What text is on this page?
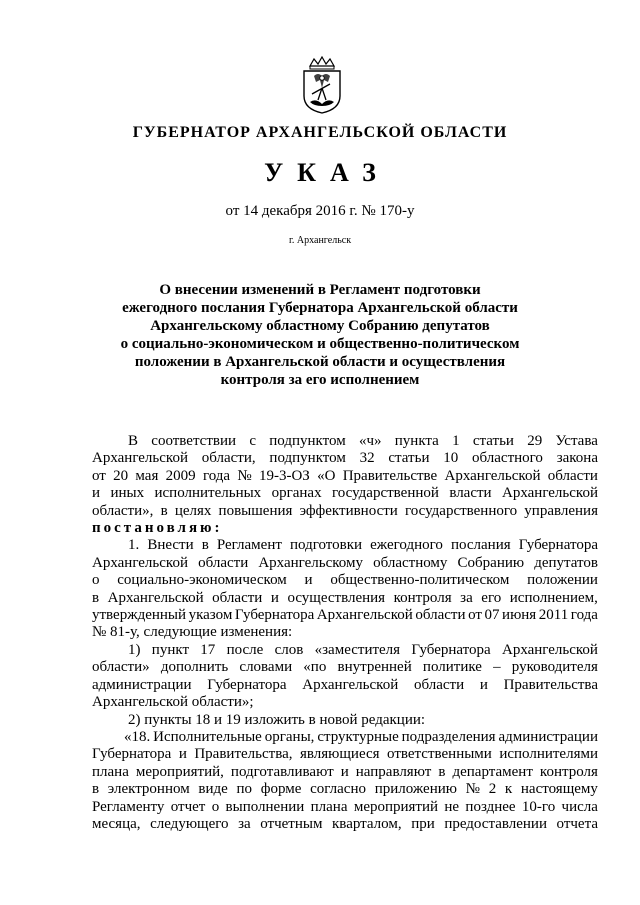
ГУБЕРНАТОР АРХАНГЕЛЬСКОЙ ОБЛАСТИ
УКАЗ
от 14 декабря 2016 г. № 170-у
г. Архангельск
О внесении изменений в Регламент подготовки
ежегодного послания Губернатора Архангельской области
Архангельскому областному Собранию депутатов
о социально-экономическом и общественно-политическом
положении в Архангельской области и осуществления
контроля за его исполнением
В соответствии с подпунктом «ч» пункта 1 статьи 29 Устава
Архангельской области, подпунктом 32 статьи 10 областного закона
от 20 мая 2009 года № 19-3-ОЗ «О Правительстве Архангельской области
и иных исполнительных органах государственной власти Архангельской
области», в целях повышения эффективности государственного управления
постановляю:
1. Внести в Регламент подготовки ежегодного послания Губернатора
Архангельской области Архангельскому областному Собранию депутатов
о социально-экономическом и общественно-политическом положении
в Архангельской области и осуществления контроля за его исполнением,
утвержденный указом Губернатора Архангельской области от 07 июня 2011 года
№ 81-у, следующие изменения:
1) пункт 17 после слов «заместителя Губернатора Архангельской
области» дополнить словами «по внутренней политике – руководителя
администрации Губернатора Архангельской области и Правительства
Архангельской области»;
2) пункты 18 и 19 изложить в новой редакции:
«18. Исполнительные органы, структурные подразделения администрации
Губернатора и Правительства, являющиеся ответственными исполнителями
плана мероприятий, подготавливают и направляют в департамент контроля
в электронном виде по форме согласно приложению № 2 к настоящему
Регламенту отчет о выполнении плана мероприятий не позднее 10-го числа
месяца, следующего за отчетным кварталом, при предоставлении отчета
